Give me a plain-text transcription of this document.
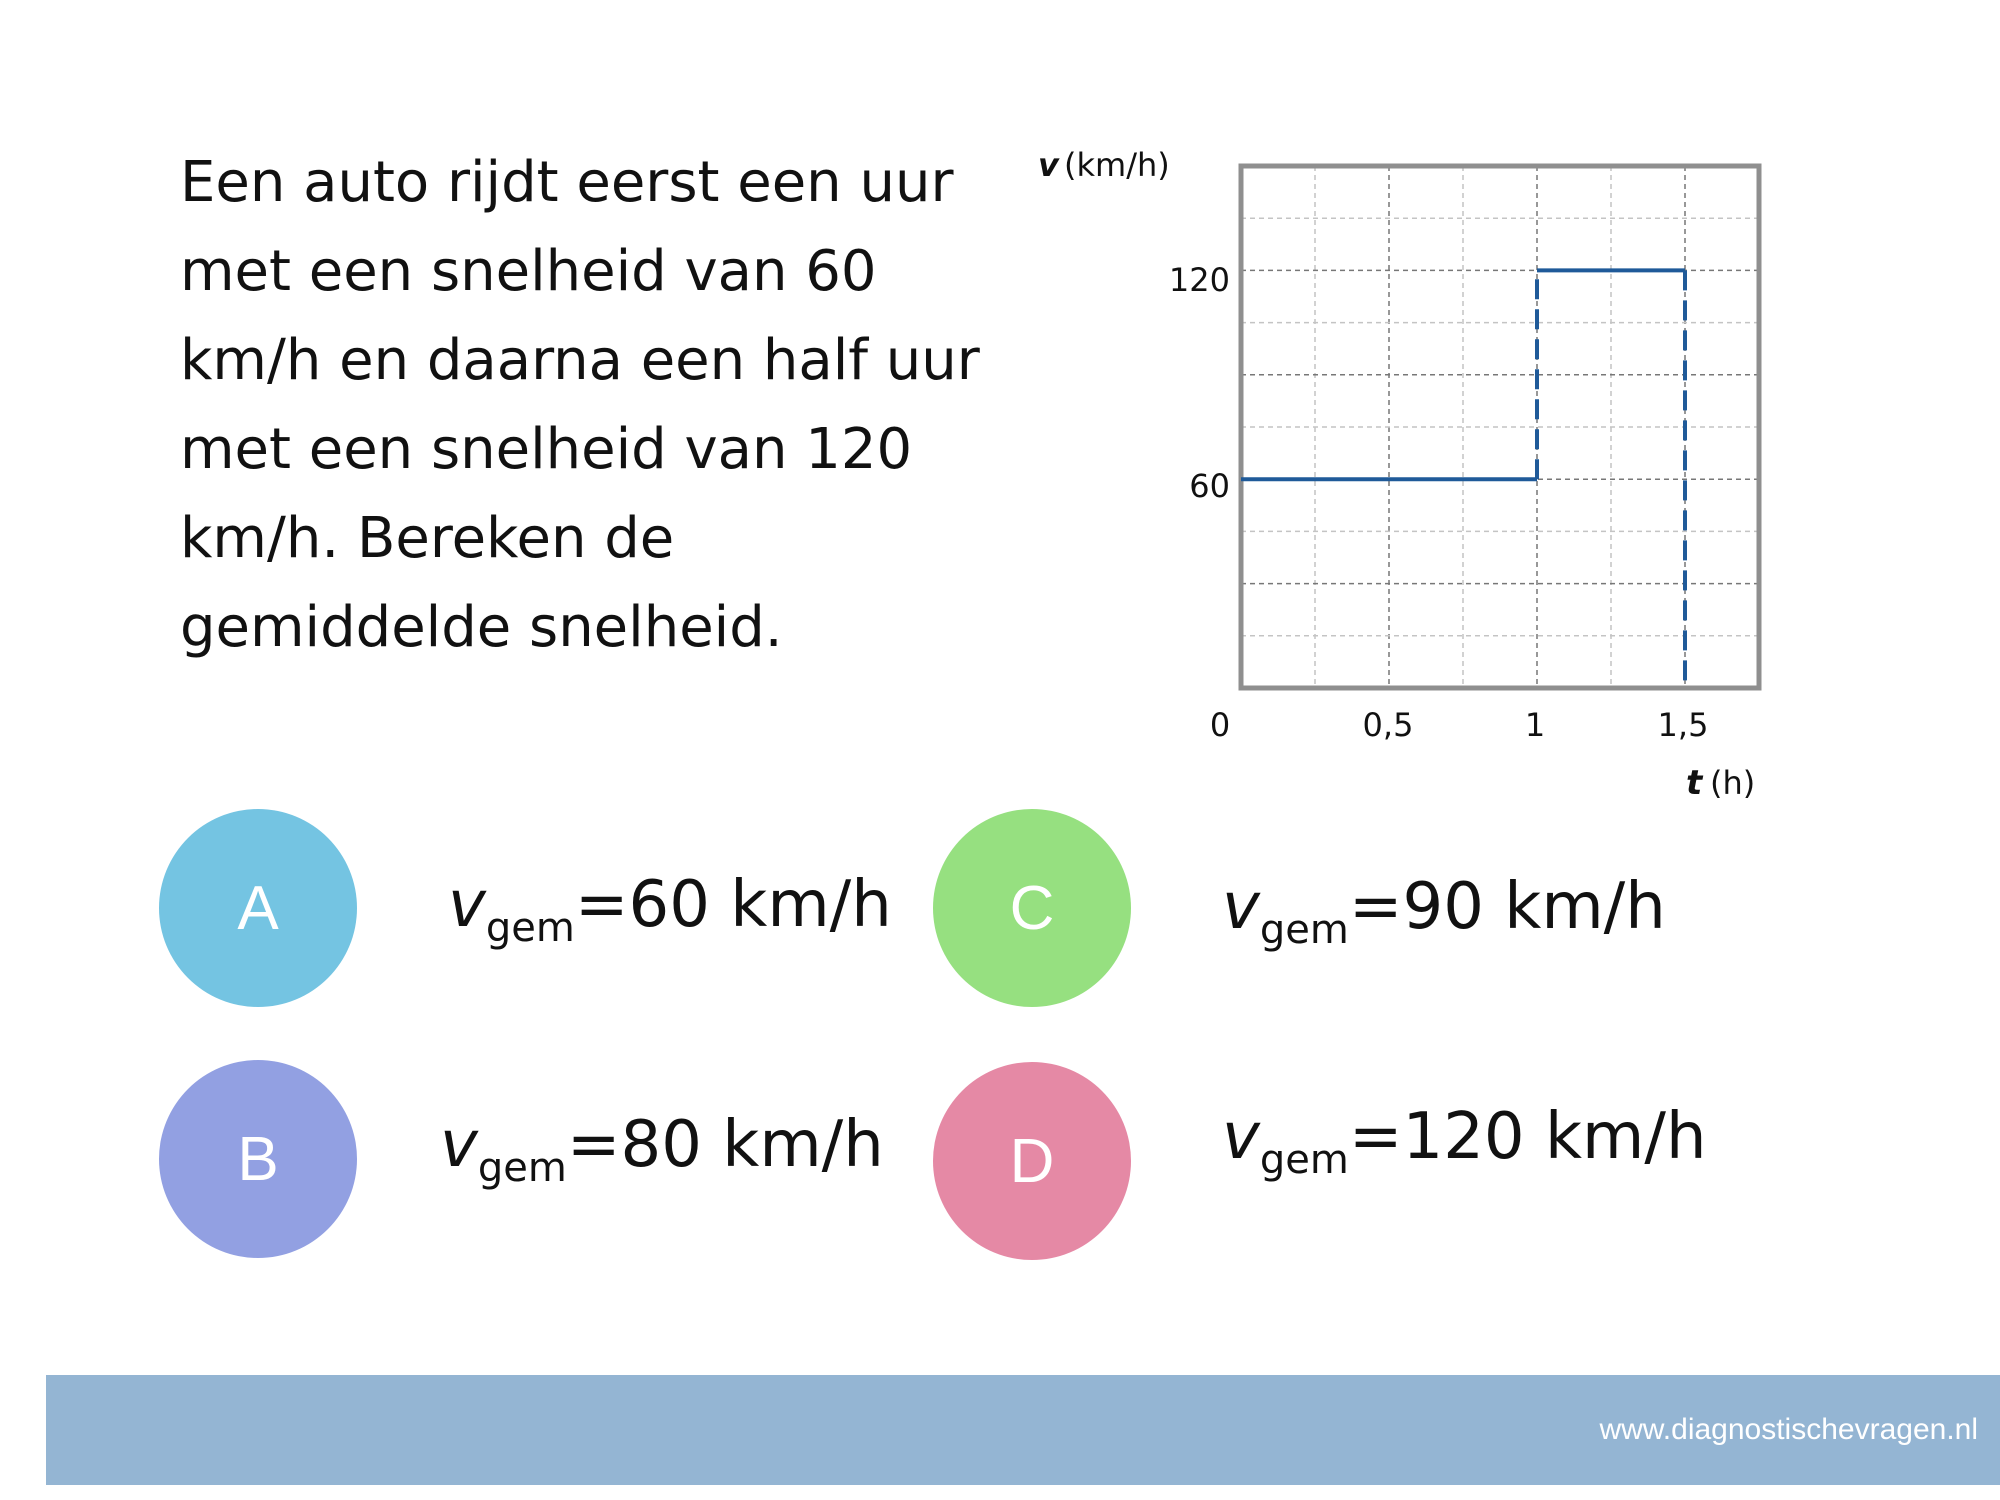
Een auto rijdt eerst een uur met een snelheid van 60 km/h en daarna een half uur met een snelheid van 120 km/h. Bereken de gemiddelde snelheid.

v (km/h)
t (h)
0	0,5	1	1,5
60
120
A	$v_{gem}=60$ km/h
B	$v_{gem}=80$ km/h
C	$v_{gem}=90$ km/h
D	$v_{gem}=120$ km/h
www.diagnostischevragen.nl
